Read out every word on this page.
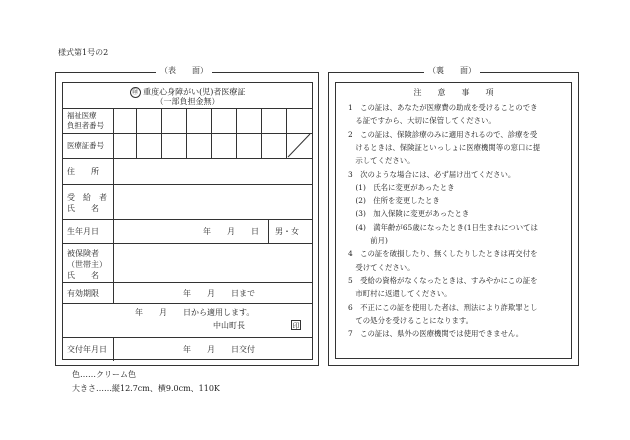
様式第1号の2
（表　　面）
㊞ 重度心身障がい(児)者医療証
（一部負担金無）
福祉医療
負担者番号
医療証番号
住　　所
受　給　者
氏　　名
生年月日	年　　月　　日 男・女
被保険者
（世帯主）
氏　　名
有効期限	年　　月　　日まで
年　　月　　日から適用します。
中山町長	印
交付年月日	年　　月　　日交付
（裏　　面）
注　　意　　事　　項
1　この証は、あなたが医療費の助成を受けることのでき
　る証ですから、大切に保管してください。
2　この証は、保険診療のみに適用されるので、診療を受
　けるときは、保険証といっしょに医療機関等の窓口に提
　示してください。
3　次のような場合には、必ず届け出てください。
　(1)　氏名に変更があったとき
　(2)　住所を変更したとき
　(3)　加入保険に変更があったとき
　(4)　満年齢が65歳になったとき(1日生まれについては
　　　前月)
4　この証を破損したり、無くしたりしたときは再交付を
　受けてください。
5　受給の資格がなくなったときは、すみやかにこの証を
　市町村に返還してください。
6　不正にこの証を使用した者は、刑法により詐欺罪とし
　ての処分を受けることになります。
7　この証は、県外の医療機関では使用できません。
色……クリーム色
大きさ……縦12.7cm、横9.0cm、110K
